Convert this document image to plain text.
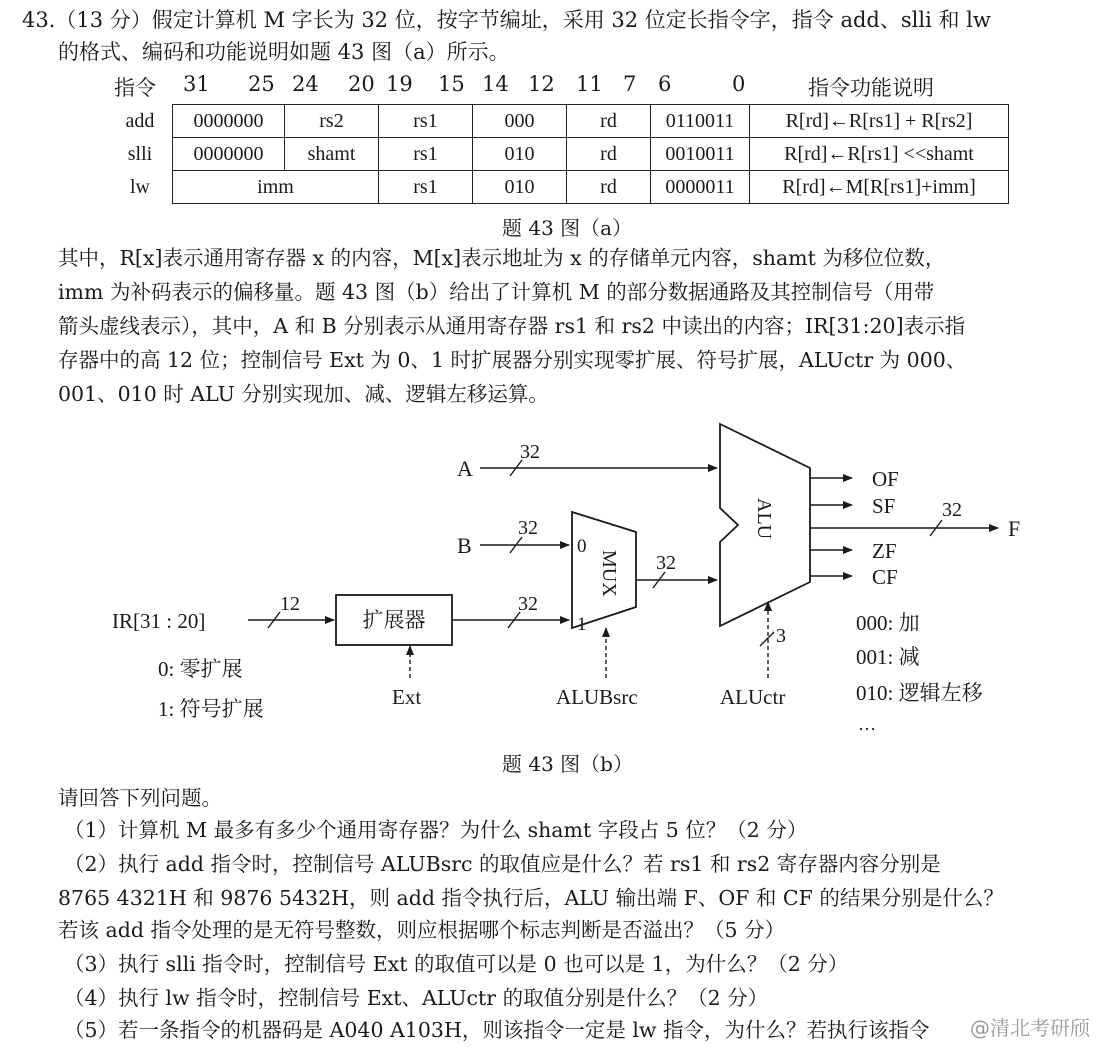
43.（13 分）假定计算机 M 字长为 32 位，按字节编址，采用 32 位定长指令字，指令 add、slli 和 lw
的格式、编码和功能说明如题 43 图（a）所示。
指令 31 25 24 20 19 15 14 12 11 7 6	0	指令功能说明
add	0000000	rs2	rs1	000	rd	0110011	R[rd]←R[rs1] + R[rs2]
slli	0000000	shamt	rs1	010	rd	0010011	R[rd]←R[rs1] <<shamt
lw	imm		rs1	010	rd	0000011	R[rd]←M[R[rs1]+imm]
题 43 图（a）
其中，R[x]表示通用寄存器 x 的内容，M[x]表示地址为 x 的存储单元内容，shamt 为移位位数，
imm 为补码表示的偏移量。题 43 图（b）给出了计算机 M 的部分数据通路及其控制信号（用带
箭头虚线表示），其中，A 和 B 分别表示从通用寄存器 rs1 和 rs2 中读出的内容；IR[31:20]表示指
存器中的高 12 位；控制信号 Ext 为 0、1 时扩展器分别实现零扩展、符号扩展，ALUctr 为 000、
001、010 时 ALU 分别实现加、减、逻辑左移运算。
A
32
B
32
0
1
MUX 32
ALUBsrc
IR[31 : 20]
12
扩展器
32
Ext
0: 零扩展
1: 符号扩展
ALU
3
ALUctr
OF
SF 32
F
ZF
CF
000: 加
001: 减
010: 逻辑左移
…
题 43 图（b）
请回答下列问题。
（1）计算机 M 最多有多少个通用寄存器？为什么 shamt 字段占 5 位？（2 分）
（2）执行 add 指令时，控制信号 ALUBsrc 的取值应是什么？若 rs1 和 rs2 寄存器内容分别是
8765 4321H 和 9876 5432H，则 add 指令执行后，ALU 输出端 F、OF 和 CF 的结果分别是什么？
若该 add 指令处理的是无符号整数，则应根据哪个标志判断是否溢出？（5 分）
（3）执行 slli 指令时，控制信号 Ext 的取值可以是 0 也可以是 1，为什么？（2 分）
（4）执行 lw 指令时，控制信号 Ext、ALUctr 的取值分别是什么？（2 分）
（5）若一条指令的机器码是 A040 A103H，则该指令一定是 lw 指令，为什么？若执行该指令 @清北考研颀
